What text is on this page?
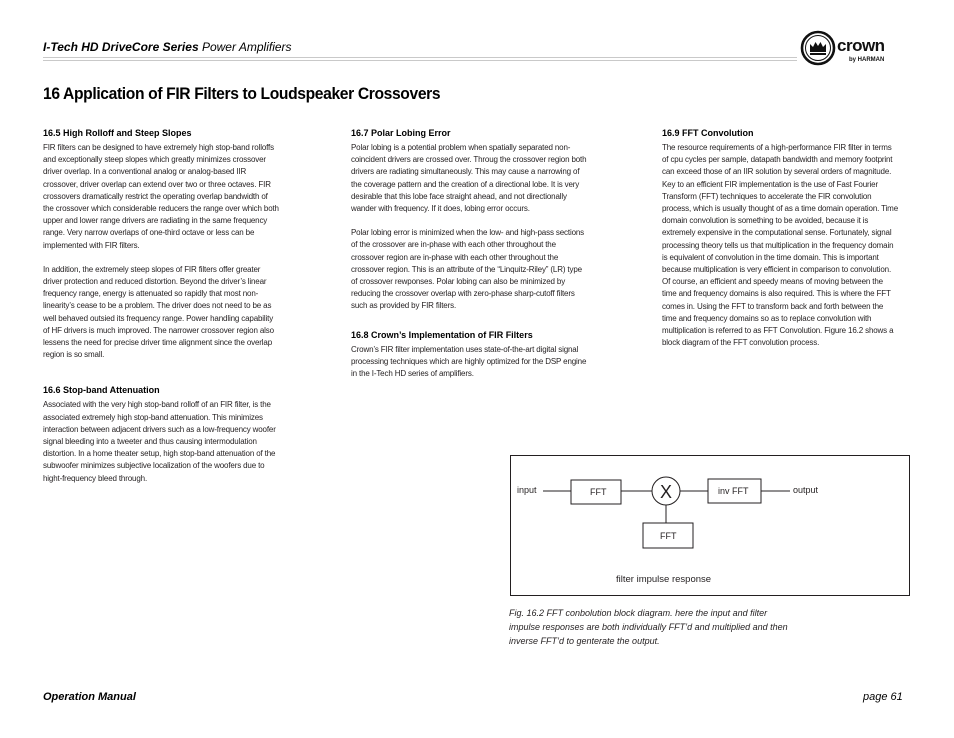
I-Tech HD DriveCore Series Power Amplifiers	crown
by HARMAN
16 Application of FIR Filters to Loudspeaker Crossovers
16.5 High Rolloff and Steep Slopes

FIR filters can be designed to have extremely high stop-band rolloffs and exceptionally steep slopes which greatly minimizes crossover driver overlap. In a conventional analog or analog-based IIR crossover, driver overlap can extend over two or three octaves. FIR crossovers dramatically restrict the operating overlap bandwidth of the crossover which considerable reducers the range over which both upper and lower range drivers are radiating in the same frequency range. Very narrow overlaps of one-third octave or less can be implemented with FIR filters.

In addition, the extremely steep slopes of FIR filters offer greater driver protection and reduced distortion. Beyond the driver’s linear frequency range, energy is attenuated so rapidly that most non-linearity’s cease to be a problem. The driver does not need to be as well behaved outsied its frequency range. Power handling capability of HF drivers is much improved. The narrower crossover region also lessens the need for precise driver time alignment since the overlap region is so small.

16.6 Stop-band Attenuation

Associated with the very high stop-band rolloff of an FIR filter, is the associated extremely high stop-band attenuation. This minimizes interaction between adjacent drivers such as a low-frequency woofer signal bleeding into a tweeter and thus causing intermodulation distortion. In a home theater setup, high stop-band attenuation of the subwoofer minimizes subjective localization of the woofers due to hight-frequency bleed through.

16.7 Polar Lobing Error

Polar lobing is a potential problem when spatially separated non-coincident drivers are crossed over. Throug the crossover region both drivers are radiating simultaneously. This may cause a narrowing of the coverage pattern and the creation of a directional lobe. It is very desirable that this lobe face straight ahead, and not directionally wander with frequency. If it does, lobing error occurs.

Polar lobing error is minimized when the low- and high-pass sections of the crossover are in-phase with each other throughout the crossover region are in-phase with each other throughout the crossover region. This is an attribute of the “Linquitz-Riley” (LR) type of crossover rewponses. Polar lobing can also be minimized by reducing the crossover overlap with zero-phase sharp-cutoff filters such as provided by FIR filters.

16.8 Crown’s Implementation of FIR Filters

Crown’s FIR filter implementation uses state-of-the-art digital signal processing techniques which are highly optimized for the DSP engine in the I-Tech HD series of amplifiers.

16.9 FFT Convolution

The resource requirements of a high-performance FIR filter in terms of cpu cycles per sample, datapath bandwidth and memory footprint can exceed those of an IIR solution by several orders of magnitude. Key to an efficient FIR implementation is the use of Fast Fourier Transform (FFT) techniques to accelerate the FIR convolution process, which is usually thought of as a time domain operation. Time domain convolution is something to be avoided, because it is extremely expensive in the computational sense. Fortunately, signal processing theory tells us that multiplication in the frequency domain is equivalent of convolution in the time domain. This is important because multiplication is very efficient in comparison to convolution. Of course, an efficient and speedy means of moving between the time and frequency domains is also required. This is where the FFT comes in. Using the FFT to transform back and forth between the time and frequency domains so as to replace convolution with multiplication is referred to as FFT Convolution. Figure 16.2 shows a block diagram of the FFT convolution process.

input	FFT	X	inv FFT	output
FFT
filter impulse response
Fig. 16.2 FFT conbolution block diagram. here the input and filter impulse responses are both individually FFT’d and multiplied and then inverse FFT’d to genterate the output.
Operation Manual	page 61
